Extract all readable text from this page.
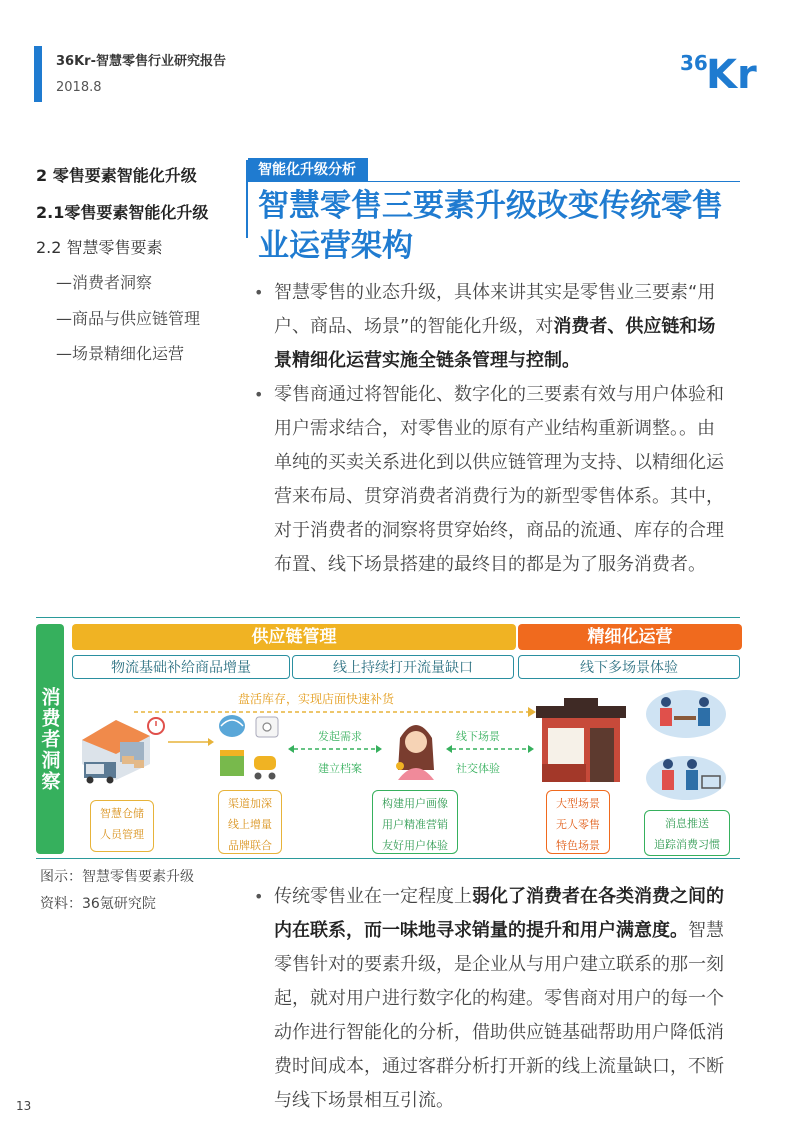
36Kr-智慧零售行业研究报告
2018.8
36
Kr
2 零售要素智能化升级
2.1零售要素智能化升级
2.2 智慧零售要素
—消费者洞察
—商品与供应链管理
—场景精细化运营
智能化升级分析
智慧零售三要素升级改变传统零售业运营架构
• 智慧零售的业态升级，具体来讲其实是零售业三要素“用户、商品、场景”的智能化升级，对消费者、供应链和场景精细化运营实施全链条管理与控制。
• 零售商通过将智能化、数字化的三要素有效与用户体验和用户需求结合，对零售业的原有产业结构重新调整。。由单纯的买卖关系进化到以供应链管理为支持、以精细化运营来布局、贯穿消费者消费行为的新型零售体系。其中，对于消费者的洞察将贯穿始终，商品的流通、库存的合理布置、线下场景搭建的最终目的都是为了服务消费者。
消费者洞察
供应链管理	精细化运营
物流基础补给商品增量	线上持续打开流量缺口	线下多场景体验
盘活库存，实现店面快速补货
发起需求
建立档案
线下场景
社交体验
智慧仓储
人员管理
渠道加深
线上增量
品牌联合
构建用户画像
用户精准营销
友好用户体验
大型场景
无人零售
特色场景
消息推送
追踪消费习惯
图示：智慧零售要素升级
资料：36氪研究院	• 传统零售业在一定程度上弱化了消费者在各类消费之间的内在联系，而一味地寻求销量的提升和用户满意度。智慧零售针对的要素升级，是企业从与用户建立联系的那一刻起，就对用户进行数字化的构建。零售商对用户的每一个动作进行智能化的分析，借助供应链基础帮助用户降低消费时间成本，通过客群分析打开新的线上流量缺口，不断与线下场景相互引流。
13
